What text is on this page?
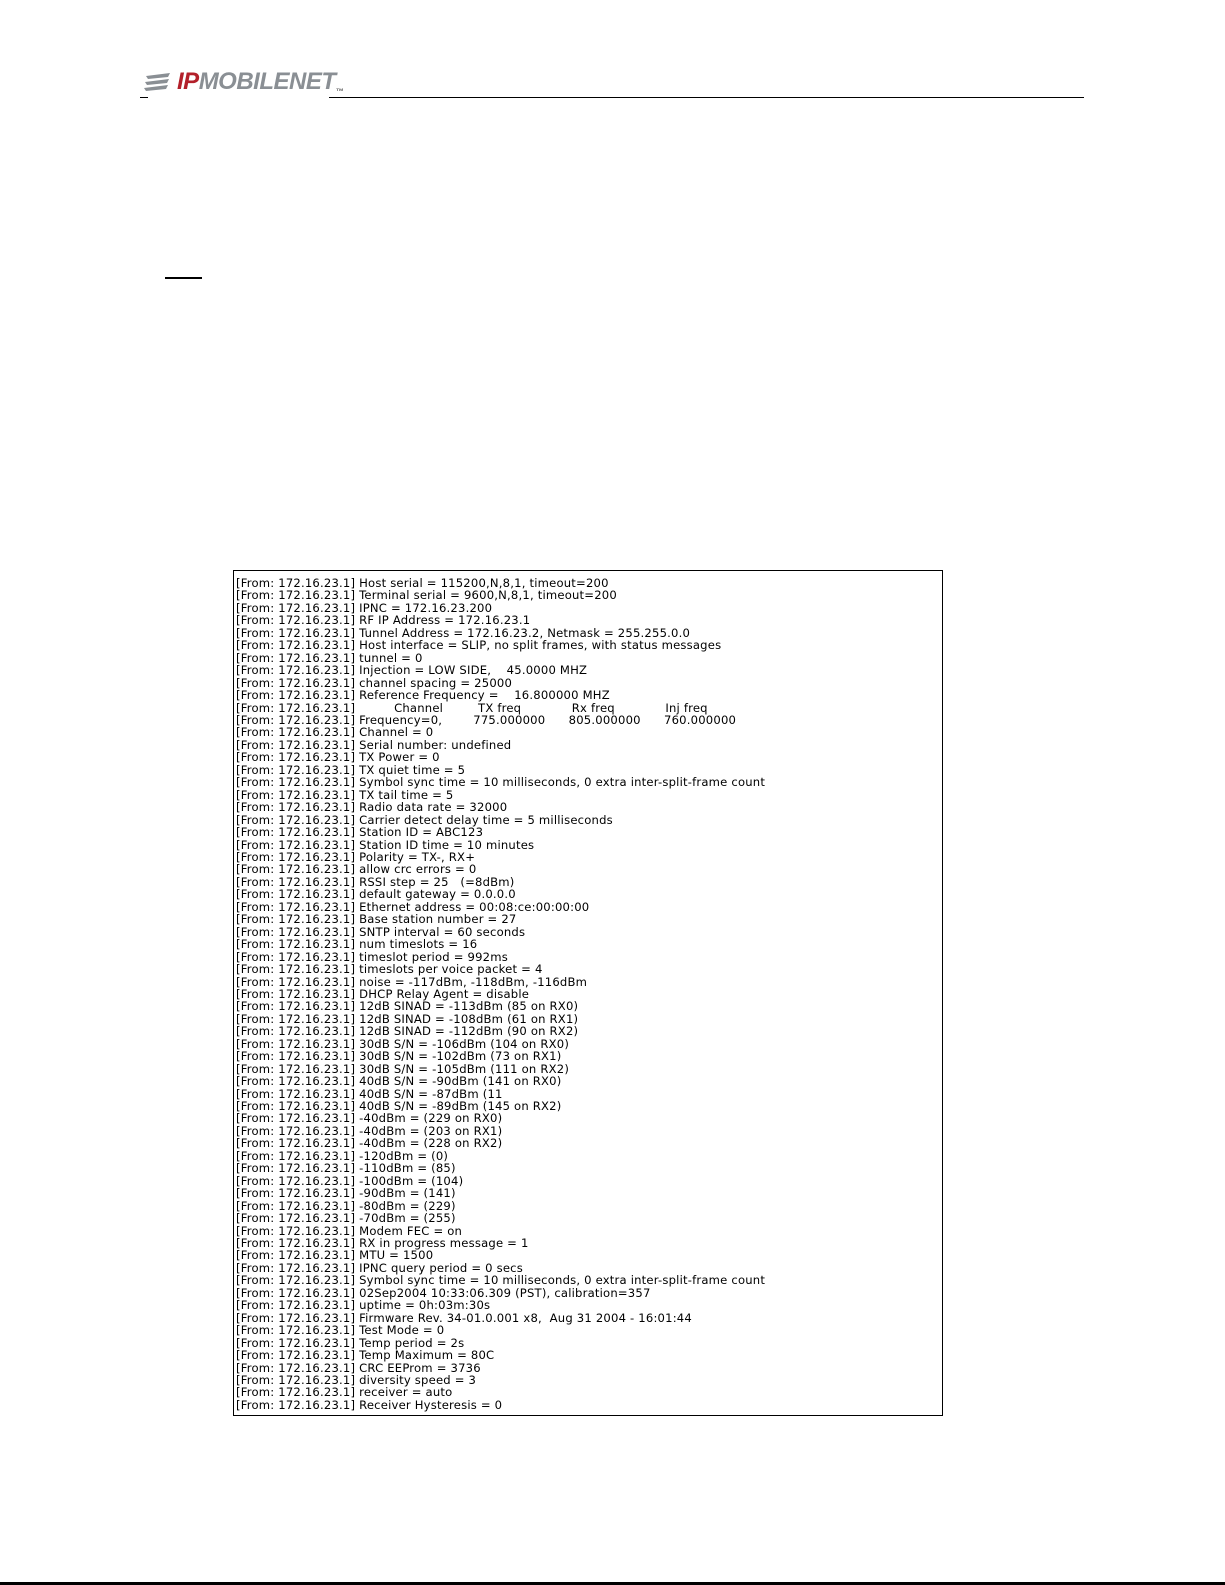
IPMOBILENET™
[From: 172.16.23.1] Host serial = 115200,N,8,1, timeout=200
[From: 172.16.23.1] Terminal serial = 9600,N,8,1, timeout=200
[From: 172.16.23.1] IPNC = 172.16.23.200
[From: 172.16.23.1] RF IP Address = 172.16.23.1
[From: 172.16.23.1] Tunnel Address = 172.16.23.2, Netmask = 255.255.0.0
[From: 172.16.23.1] Host interface = SLIP, no split frames, with status messages
[From: 172.16.23.1] tunnel = 0
[From: 172.16.23.1] Injection = LOW SIDE,    45.0000 MHZ
[From: 172.16.23.1] channel spacing = 25000
[From: 172.16.23.1] Reference Frequency =    16.800000 MHZ
[From: 172.16.23.1]          Channel         TX freq             Rx freq             Inj freq
[From: 172.16.23.1] Frequency=0,        775.000000      805.000000      760.000000
[From: 172.16.23.1] Channel = 0
[From: 172.16.23.1] Serial number: undefined
[From: 172.16.23.1] TX Power = 0
[From: 172.16.23.1] TX quiet time = 5
[From: 172.16.23.1] Symbol sync time = 10 milliseconds, 0 extra inter-split-frame count
[From: 172.16.23.1] TX tail time = 5
[From: 172.16.23.1] Radio data rate = 32000
[From: 172.16.23.1] Carrier detect delay time = 5 milliseconds
[From: 172.16.23.1] Station ID = ABC123
[From: 172.16.23.1] Station ID time = 10 minutes
[From: 172.16.23.1] Polarity = TX-, RX+
[From: 172.16.23.1] allow crc errors = 0
[From: 172.16.23.1] RSSI step = 25   (=8dBm)
[From: 172.16.23.1] default gateway = 0.0.0.0
[From: 172.16.23.1] Ethernet address = 00:08:ce:00:00:00
[From: 172.16.23.1] Base station number = 27
[From: 172.16.23.1] SNTP interval = 60 seconds
[From: 172.16.23.1] num timeslots = 16
[From: 172.16.23.1] timeslot period = 992ms
[From: 172.16.23.1] timeslots per voice packet = 4
[From: 172.16.23.1] noise = -117dBm, -118dBm, -116dBm
[From: 172.16.23.1] DHCP Relay Agent = disable
[From: 172.16.23.1] 12dB SINAD = -113dBm (85 on RX0)
[From: 172.16.23.1] 12dB SINAD = -108dBm (61 on RX1)
[From: 172.16.23.1] 12dB SINAD = -112dBm (90 on RX2)
[From: 172.16.23.1] 30dB S/N = -106dBm (104 on RX0)
[From: 172.16.23.1] 30dB S/N = -102dBm (73 on RX1)
[From: 172.16.23.1] 30dB S/N = -105dBm (111 on RX2)
[From: 172.16.23.1] 40dB S/N = -90dBm (141 on RX0)
[From: 172.16.23.1] 40dB S/N = -87dBm (11
[From: 172.16.23.1] 40dB S/N = -89dBm (145 on RX2)
[From: 172.16.23.1] -40dBm = (229 on RX0)
[From: 172.16.23.1] -40dBm = (203 on RX1)
[From: 172.16.23.1] -40dBm = (228 on RX2)
[From: 172.16.23.1] -120dBm = (0)
[From: 172.16.23.1] -110dBm = (85)
[From: 172.16.23.1] -100dBm = (104)
[From: 172.16.23.1] -90dBm = (141)
[From: 172.16.23.1] -80dBm = (229)
[From: 172.16.23.1] -70dBm = (255)
[From: 172.16.23.1] Modem FEC = on
[From: 172.16.23.1] RX in progress message = 1
[From: 172.16.23.1] MTU = 1500
[From: 172.16.23.1] IPNC query period = 0 secs
[From: 172.16.23.1] Symbol sync time = 10 milliseconds, 0 extra inter-split-frame count
[From: 172.16.23.1] 02Sep2004 10:33:06.309 (PST), calibration=357
[From: 172.16.23.1] uptime = 0h:03m:30s
[From: 172.16.23.1] Firmware Rev. 34-01.0.001 x8,  Aug 31 2004 - 16:01:44
[From: 172.16.23.1] Test Mode = 0
[From: 172.16.23.1] Temp period = 2s
[From: 172.16.23.1] Temp Maximum = 80C
[From: 172.16.23.1] CRC EEProm = 3736
[From: 172.16.23.1] diversity speed = 3
[From: 172.16.23.1] receiver = auto
[From: 172.16.23.1] Receiver Hysteresis = 0
